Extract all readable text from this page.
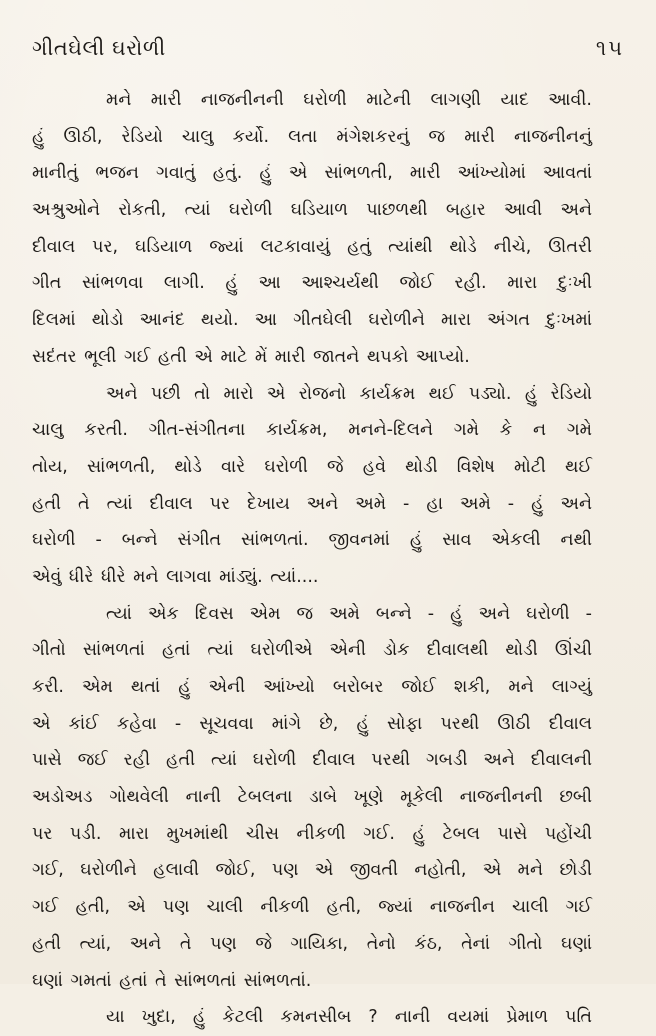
ગીતઘેલી ઘરોળી	૧૫
મને મારી નાજનીનની ઘરોળી માટેની લાગણી યાદ આવી.
હું ઊઠી, રેડિયો ચાલુ કર્યો. લતા મંગેશકરનું જ મારી નાજનીનનું
માનીતું ભજન ગવાતું હતું. હું એ સાંભળતી, મારી આંખ્યોમાં આવતાં
અશ્રુઓને રોકતી, ત્યાં ઘરોળી ઘડિયાળ પાછળથી બહાર આવી અને
દીવાલ પર, ઘડિયાળ જ્યાં લટકાવાયું હતું ત્યાંથી થોડે નીચે, ઊતરી
ગીત સાંભળવા લાગી. હું આ આશ્ચર્યથી જોઈ રહી. મારા દુઃખી
દિલમાં થોડો આનંદ થયો. આ ગીતઘેલી ઘરોળીને મારા અંગત દુઃખમાં
સદંતર ભૂલી ગઈ હતી એ માટે મેં મારી જાતને થપકો આપ્યો.
અને પછી તો મારો એ રોજનો કાર્યક્રમ થઈ પડ્યો. હું રેડિયો
ચાલુ કરતી. ગીત-સંગીતના કાર્યક્રમ, મનને-દિલને ગમે કે ન ગમે
તોય, સાંભળતી, થોડે વારે ઘરોળી જે હવે થોડી વિશેષ મોટી થઈ
હતી તે ત્યાં દીવાલ પર દેખાય અને અમે - હા અમે - હું અને
ઘરોળી - બન્ને સંગીત સાંભળતાં. જીવનમાં હું સાવ એકલી નથી
એવું ધીરે ધીરે મને લાગવા માંડ્યું. ત્યાં....
ત્યાં એક દિવસ એમ જ અમે બન્ને - હું અને ઘરોળી -
ગીતો સાંભળતાં હતાં ત્યાં ઘરોળીએ એની ડોક દીવાલથી થોડી ઊંચી
કરી. એમ થતાં હું એની આંખ્યો બરોબર જોઈ શકી, મને લાગ્યું
એ કાંઈ કહેવા - સૂચવવા માંગે છે, હું સોફા પરથી ઊઠી દીવાલ
પાસે જઈ રહી હતી ત્યાં ઘરોળી દીવાલ પરથી ગબડી અને દીવાલની
અડોઅડ ગોથવેલી નાની ટેબલના ડાબે ખૂણે મૂકેલી નાજનીનની છબી
પર પડી. મારા મુખમાંથી ચીસ નીકળી ગઈ. હું ટેબલ પાસે પહોંચી
ગઈ, ઘરોળીને હલાવી જોઈ, પણ એ જીવતી નહોતી, એ મને છોડી
ગઈ હતી, એ પણ ચાલી નીકળી હતી, જ્યાં નાજનીન ચાલી ગઈ
હતી ત્યાં, અને તે પણ જે ગાયિકા, તેનો કંઠ, તેનાં ગીતો ઘણાં
ઘણાં ગમતાં હતાં તે સાંભળતાં સાંભળતાં.
યા ખુદા, હું કેટલી કમનસીબ ? નાની વયમાં પ્રેમાળ પતિ
